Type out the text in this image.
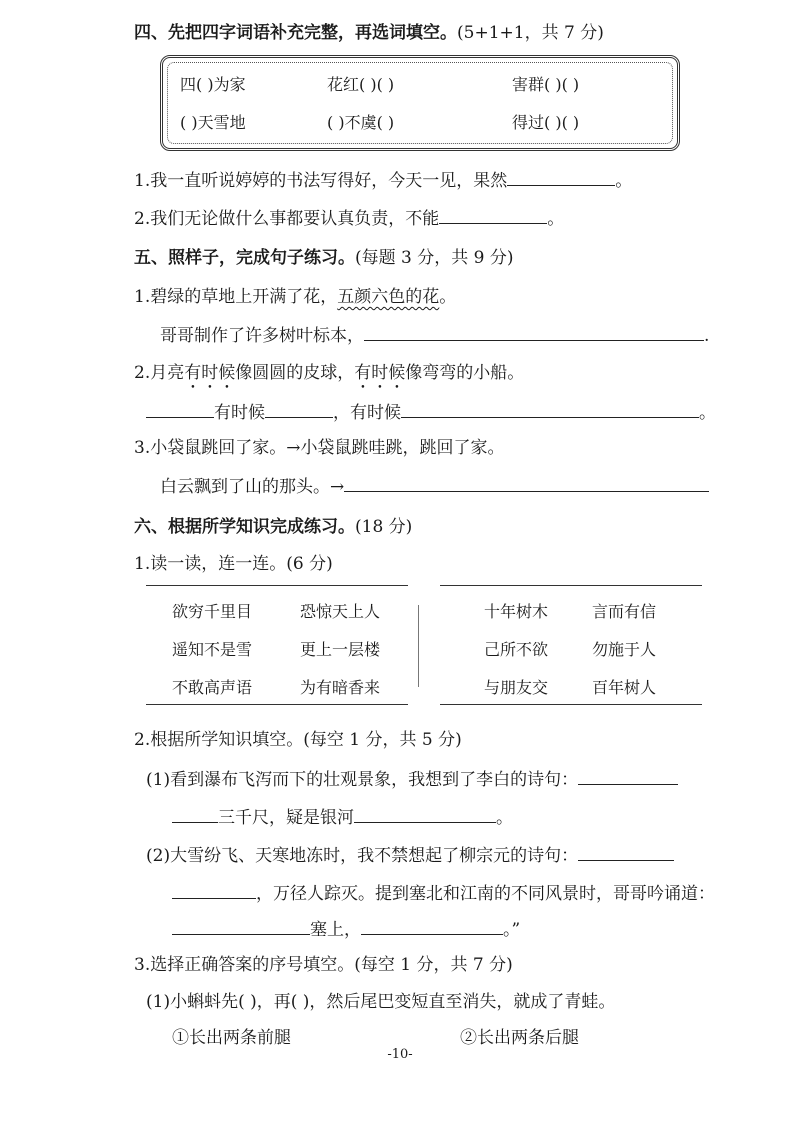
四、先把四字词语补充完整，再选词填空。(5+1+1，共 7 分)
四( )为家	花红( )( )	害群( )( )
( )天雪地	( )不虞( )	得过( )( )
1.我一直听说婷婷的书法写得好，今天一见，果然	。
2.我们无论做什么事都要认真负责，不能	。
五、照样子，完成句子练习。(每题 3 分，共 9 分)
1.碧绿的草地上开满了花，五颜六色的花。
哥哥制作了许多树叶标本，	.
2.月亮有时候像圆圆的皮球，有时候像弯弯的小船。
有时候	，有时候	。
3.小袋鼠跳回了家。→小袋鼠跳哇跳，跳回了家。
白云飘到了山的那头。→
六、根据所学知识完成练习。(18 分)
1.读一读，连一连。(6 分)
欲穷千里目	恐惊天上人
遥知不是雪	更上一层楼
不敢高声语	为有暗香来
十年树木	言而有信
己所不欲	勿施于人
与朋友交	百年树人
2.根据所学知识填空。(每空 1 分，共 5 分)
(1)看到瀑布飞泻而下的壮观景象，我想到了李白的诗句：
三千尺，疑是银河	。
(2)大雪纷飞、天寒地冻时，我不禁想起了柳宗元的诗句：
，万径人踪灭。提到塞北和江南的不同风景时，哥哥吟诵道：
塞上，	。”
3.选择正确答案的序号填空。(每空 1 分，共 7 分)
(1)小蝌蚪先( )，再( )，然后尾巴变短直至消失，就成了青蛙。
①长出两条前腿	②长出两条后腿
-10-
